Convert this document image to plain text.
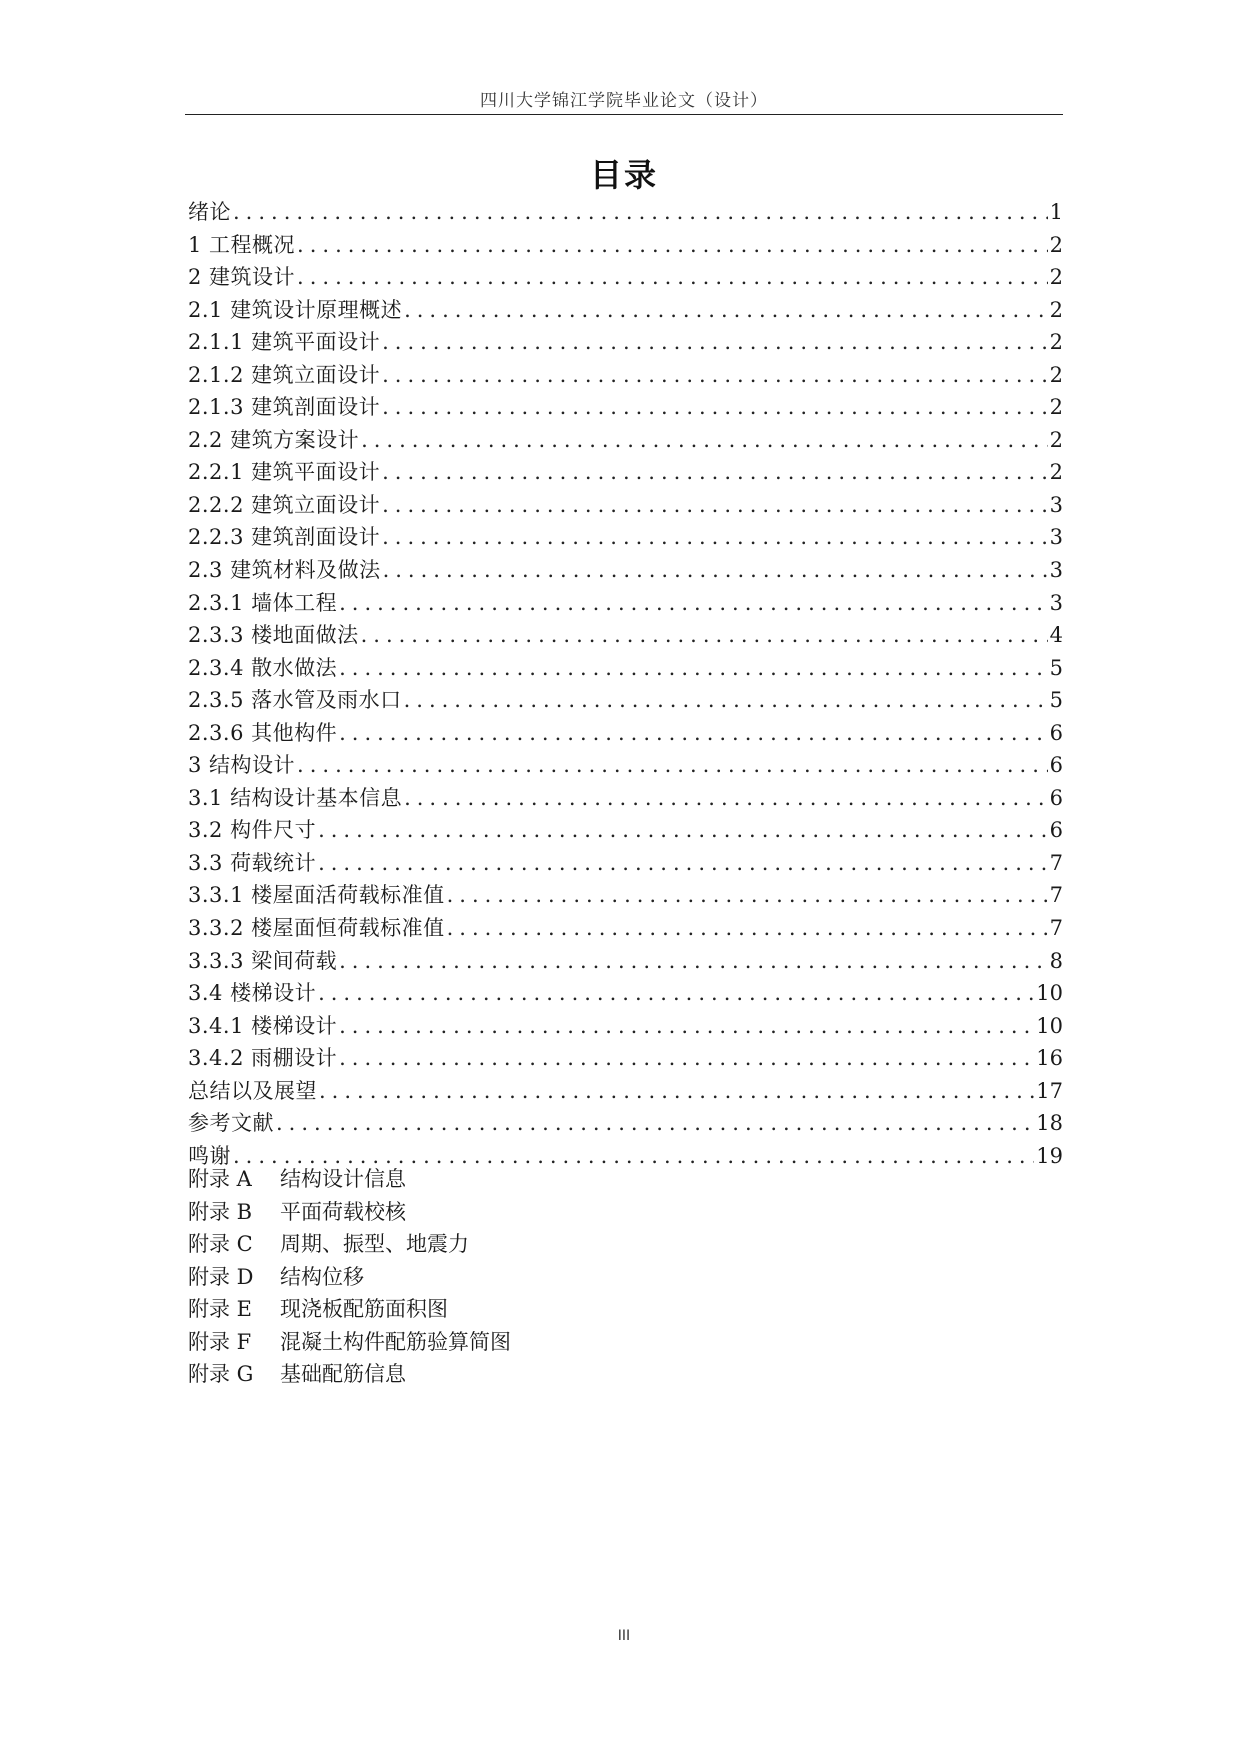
四川大学锦江学院毕业论文（设计）
目录
绪论 .....	1
1 工程概况 .....	2
2 建筑设计 .....	2
2.1 建筑设计原理概述 .....	2
2.1.1 建筑平面设计 .....	2
2.1.2 建筑立面设计 .....	2
2.1.3 建筑剖面设计 .....	2
2.2 建筑方案设计 .....	2
2.2.1 建筑平面设计 .....	2
2.2.2 建筑立面设计 .....	3
2.2.3 建筑剖面设计 .....	3
2.3 建筑材料及做法 .....	3
2.3.1 墙体工程 .....	3
2.3.3 楼地面做法 .....	4
2.3.4 散水做法 .....	5
2.3.5 落水管及雨水口 .....	5
2.3.6 其他构件 .....	6
3 结构设计 .....	6
3.1 结构设计基本信息 .....	6
3.2 构件尺寸 .....	6
3.3 荷载统计 .....	7
3.3.1 楼屋面活荷载标准值 .....	7
3.3.2 楼屋面恒荷载标准值 .....	7
3.3.3 梁间荷载 .....	8
3.4 楼梯设计 .....	10
3.4.1 楼梯设计 .....	10
3.4.2 雨棚设计 .....	16
总结以及展望 .....	17
参考文献 .....	18
鸣谢 .....	19
附录 A 结构设计信息
附录 B 平面荷载校核
附录 C 周期、振型、地震力
附录 D 结构位移
附录 E 现浇板配筋面积图
附录 F 混凝土构件配筋验算简图
附录 G 基础配筋信息
III
